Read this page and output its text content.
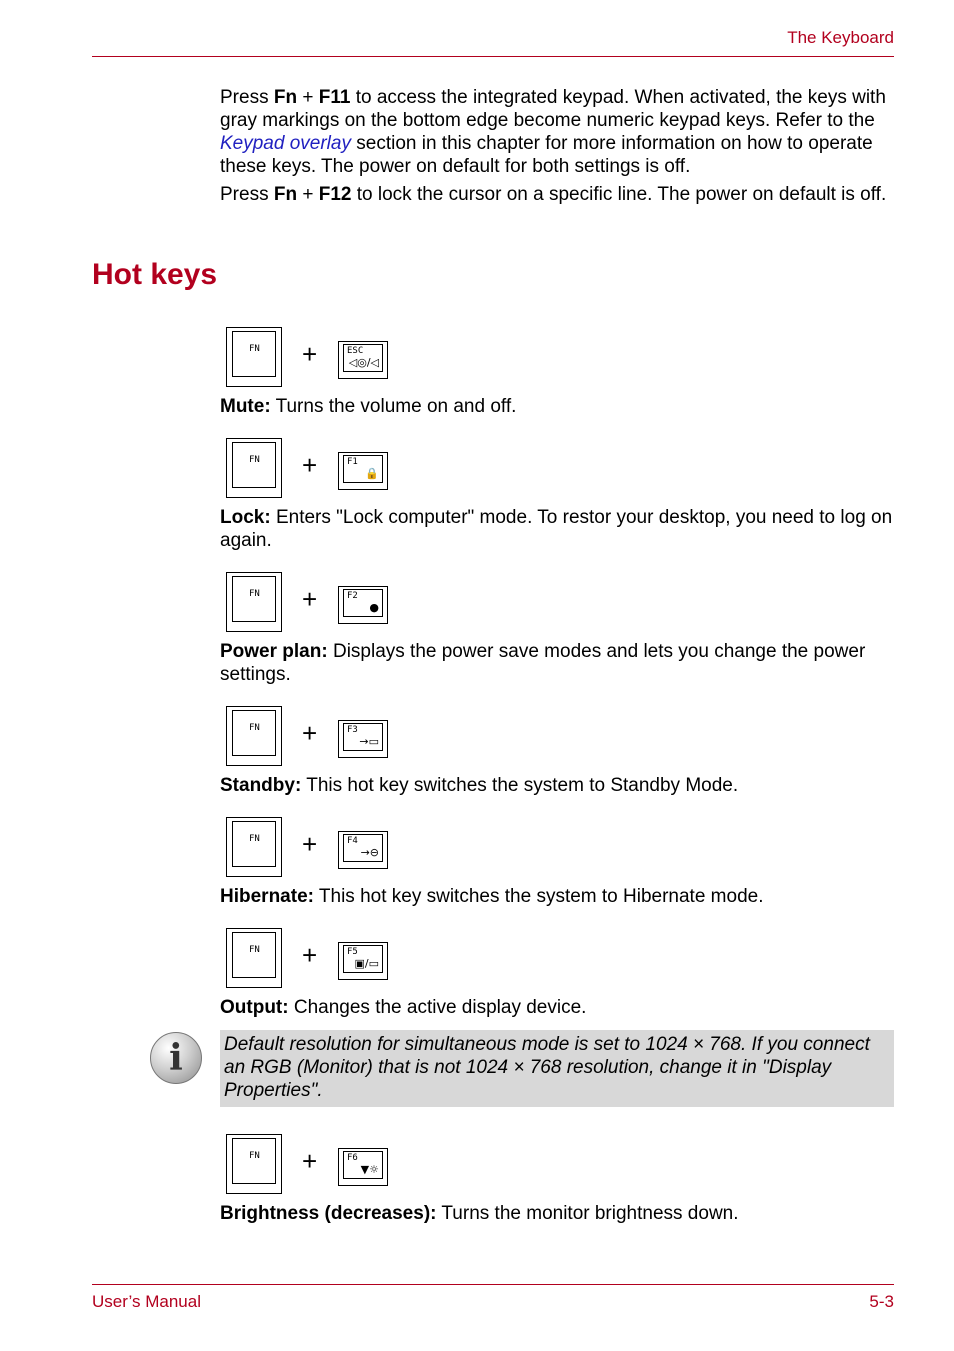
The Keyboard

Press Fn + F11 to access the integrated keypad. When activated, the keys with gray markings on the bottom edge become numeric keypad keys. Refer to the Keypad overlay section in this chapter for more information on how to operate these keys. The power on default for both settings is off.

Press Fn + F12 to lock the cursor on a specific line. The power on default is off.

Hot keys
FN +	ESC
◁◎/◁
Mute: Turns the volume on and off.
FN +	F1
🔒
Lock: Enters "Lock computer" mode. To restor your desktop, you need to log on again.
FN +	F2
●
Power plan: Displays the power save modes and lets you change the power settings.
FN +	F3
→▭
Standby: This hot key switches the system to Standby Mode.
FN +	F4
→⊖
Hibernate: This hot key switches the system to Hibernate mode.
FN +	F5
▣/▭
Output: Changes the active display device.
i	Default resolution for simultaneous mode is set to 1024 × 768. If you connect an RGB (Monitor) that is not 1024 × 768 resolution, change it in "Display Properties".
FN +	F6
▼☼
Brightness (decreases): Turns the monitor brightness down.
User’s Manual	5-3
